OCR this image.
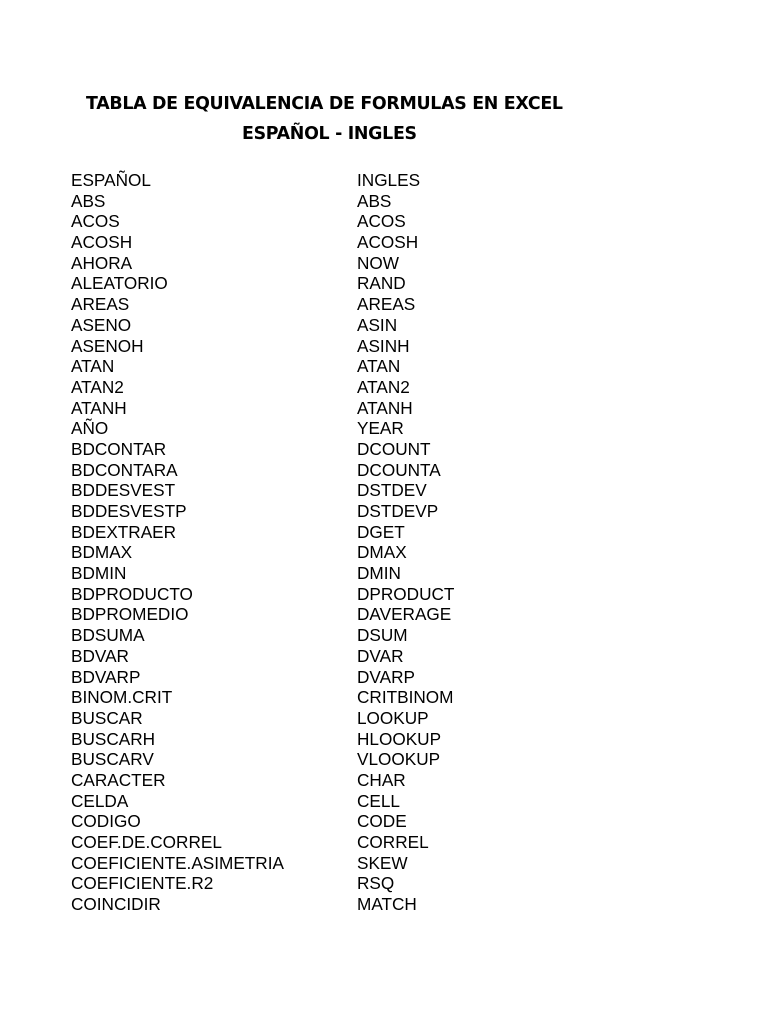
TABLA DE EQUIVALENCIA DE FORMULAS EN EXCEL
ESPAÑOL - INGLES
ESPAÑOL	INGLES
ABS	ABS
ACOS	ACOS
ACOSH	ACOSH
AHORA	NOW
ALEATORIO	RAND
AREAS	AREAS
ASENO	ASIN
ASENOH	ASINH
ATAN	ATAN
ATAN2	ATAN2
ATANH	ATANH
AÑO	YEAR
BDCONTAR	DCOUNT
BDCONTARA	DCOUNTA
BDDESVEST	DSTDEV
BDDESVESTP	DSTDEVP
BDEXTRAER	DGET
BDMAX	DMAX
BDMIN	DMIN
BDPRODUCTO	DPRODUCT
BDPROMEDIO	DAVERAGE
BDSUMA	DSUM
BDVAR	DVAR
BDVARP	DVARP
BINOM.CRIT	CRITBINOM
BUSCAR	LOOKUP
BUSCARH	HLOOKUP
BUSCARV	VLOOKUP
CARACTER	CHAR
CELDA	CELL
CODIGO	CODE
COEF.DE.CORREL	CORREL
COEFICIENTE.ASIMETRIA	SKEW
COEFICIENTE.R2	RSQ
COINCIDIR	MATCH
